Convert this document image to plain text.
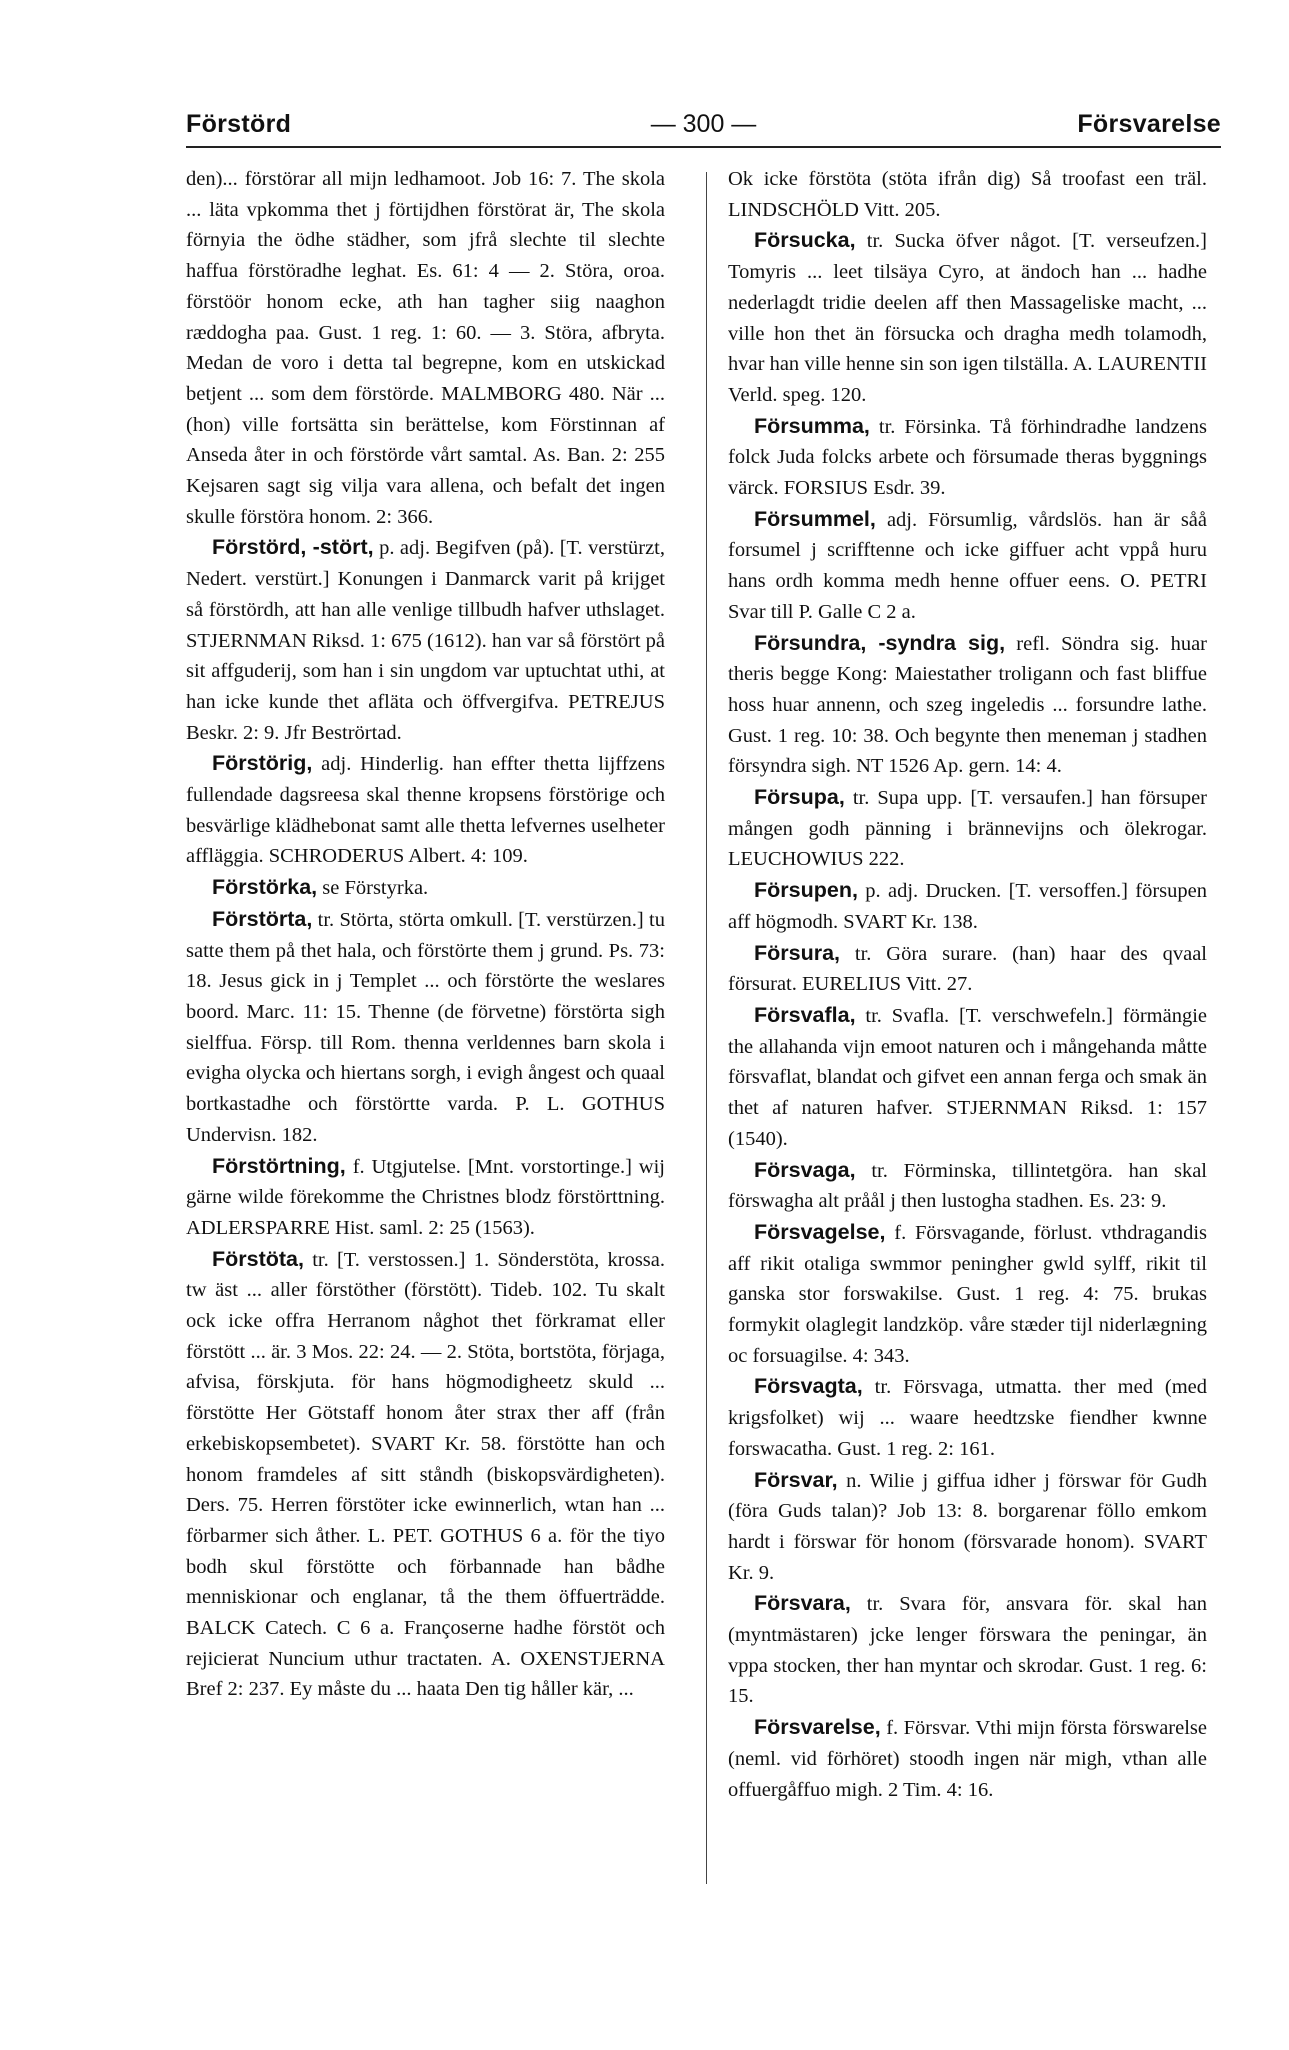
Förstörd	— 300 —	Försvarelse

den)... förstörar all mijn ledhamoot. Job 16: 7. The skola ... läta vpkomma thet j förtijdhen förstörat är, The skola förnyia the ödhe städher, som jfrå slechte til slechte haffua förstöradhe leghat. Es. 61: 4 — 2. Störa, oroa. förstöör honom ecke, ath han tagher siig naaghon ræddogha paa. Gust. 1 reg. 1: 60. — 3. Störa, afbryta. Medan de voro i detta tal begrepne, kom en utskickad betjent ... som dem förstörde. MALMBORG 480. När ... (hon) ville fortsätta sin berättelse, kom Förstinnan af Anseda åter in och förstörde vårt samtal. As. Ban. 2: 255 Kejsaren sagt sig vilja vara allena, och befalt det ingen skulle förstöra honom. 2: 366.

Förstörd, -stört, p. adj. Begifven (på). [T. verstürzt, Nedert. verstürt.] Konungen i Danmarck varit på krijget så förstördh, att han alle venlige tillbudh hafver uthslaget. STJERNMAN Riksd. 1: 675 (1612). han var så förstört på sit affguderij, som han i sin ungdom var uptuchtat uthi, at han icke kunde thet afläta och öffvergifva. PETREJUS Beskr. 2: 9. Jfr Beströrtad.

Förstörig, adj. Hinderlig. han effter thetta lijffzens fullendade dagsreesa skal thenne kropsens förstörige och besvärlige klädhebonat samt alle thetta lefvernes uselheter affläggia. SCHRODERUS Albert. 4: 109.

Förstörka, se Förstyrka.

Förstörta, tr. Störta, störta omkull. [T. verstürzen.] tu satte them på thet hala, och förstörte them j grund. Ps. 73: 18. Jesus gick in j Templet ... och förstörte the weslares boord. Marc. 11: 15. Thenne (de förvetne) förstörta sigh sielffua. Försp. till Rom. thenna verldennes barn skola i evigha olycka och hiertans sorgh, i evigh ångest och quaal bortkastadhe och förstörtte varda. P. L. GOTHUS Undervisn. 182.

Förstörtning, f. Utgjutelse. [Mnt. vorstortinge.] wij gärne wilde förekomme the Christnes blodz förstörttning. ADLERSPARRE Hist. saml. 2: 25 (1563).

Förstöta, tr. [T. verstossen.] 1. Sönderstöta, krossa. tw äst ... aller förstöther (förstött). Tideb. 102. Tu skalt ock icke offra Herranom någhot thet förkramat eller förstött ... är. 3 Mos. 22: 24. — 2. Stöta, bortstöta, förjaga, afvisa, förskjuta. för hans högmodigheetz skuld ... förstötte Her Götstaff honom åter strax ther aff (från erkebiskopsembetet). SVART Kr. 58. förstötte han och honom framdeles af sitt ståndh (biskopsvärdigheten). Ders. 75. Herren förstöter icke ewinnerlich, wtan han ... förbarmer sich åther. L. PET. GOTHUS 6 a. för the tiyo bodh skul förstötte och förbannade han bådhe menniskionar och englanar, tå the them öffuerträdde. BALCK Catech. C 6 a. Françoserne hadhe förstöt och rejicierat Nuncium uthur tractaten. A. OXENSTJERNA Bref 2: 237. Ey måste du ... haata Den tig håller kär, ...

Ok icke förstöta (stöta ifrån dig) Så troofast een träl. LINDSCHÖLD Vitt. 205.

Försucka, tr. Sucka öfver något. [T. verseufzen.] Tomyris ... leet tilsäya Cyro, at ändoch han ... hadhe nederlagdt tridie deelen aff then Massageliske macht, ... ville hon thet än försucka och dragha medh tolamodh, hvar han ville henne sin son igen tilställa. A. LAURENTII Verld. speg. 120.

Försumma, tr. Försinka. Tå förhindradhe landzens folck Juda folcks arbete och försumade theras byggnings värck. FORSIUS Esdr. 39.

Försummel, adj. Försumlig, vårdslös. han är såå forsumel j scrifftenne och icke giffuer acht vppå huru hans ordh komma medh henne offuer eens. O. PETRI Svar till P. Galle C 2 a.

Försundra, -syndra sig, refl. Söndra sig. huar theris begge Kong: Maiestather troligann och fast bliffue hoss huar annenn, och szeg ingeledis ... forsundre lathe. Gust. 1 reg. 10: 38. Och begynte then meneman j stadhen försyndra sigh. NT 1526 Ap. gern. 14: 4.

Försupa, tr. Supa upp. [T. versaufen.] han försuper mången godh pänning i brännevijns och ölekrogar. LEUCHOWIUS 222.

Försupen, p. adj. Drucken. [T. versoffen.] försupen aff högmodh. SVART Kr. 138.

Försura, tr. Göra surare. (han) haar des qvaal försurat. EURELIUS Vitt. 27.

Försvafla, tr. Svafla. [T. verschwefeln.] förmängie the allahanda vijn emoot naturen och i mångehanda måtte försvaflat, blandat och gifvet een annan ferga och smak än thet af naturen hafver. STJERNMAN Riksd. 1: 157 (1540).

Försvaga, tr. Förminska, tillintetgöra. han skal förswagha alt pråål j then lustogha stadhen. Es. 23: 9.

Försvagelse, f. Försvagande, förlust. vthdragandis aff rikit otaliga swmmor peningher gwld sylff, rikit til ganska stor forswakilse. Gust. 1 reg. 4: 75. brukas formykit olaglegit landzköp. våre stæder tijl niderlægning oc forsuagilse. 4: 343.

Försvagta, tr. Försvaga, utmatta. ther med (med krigsfolket) wij ... waare heedtzske fiendher kwnne forswacatha. Gust. 1 reg. 2: 161.

Försvar, n. Wilie j giffua idher j förswar för Gudh (föra Guds talan)? Job 13: 8. borgarenar föllo emkom hardt i förswar för honom (försvarade honom). SVART Kr. 9.

Försvara, tr. Svara för, ansvara för. skal han (myntmästaren) jcke lenger förswara the peningar, än vppa stocken, ther han myntar och skrodar. Gust. 1 reg. 6: 15.

Försvarelse, f. Försvar. Vthi mijn första förswarelse (neml. vid förhöret) stoodh ingen när migh, vthan alle offuergåffuo migh. 2 Tim. 4: 16.
